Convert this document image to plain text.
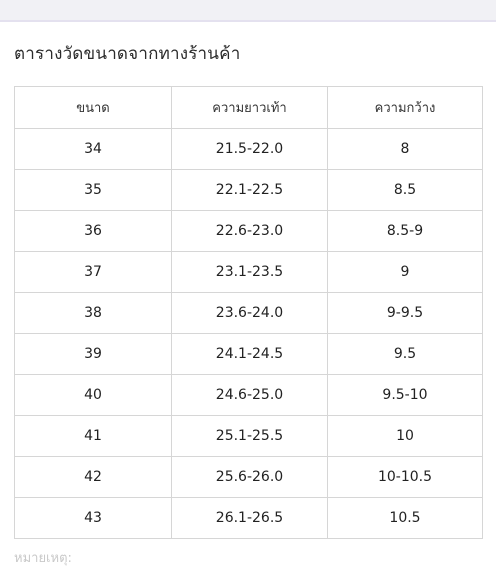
ตารางวัดขนาดจากทางร้านค้า
ขนาด	ความยาวเท้า	ความกว้าง
34	21.5-22.0	8
35	22.1-22.5	8.5
36	22.6-23.0	8.5-9
37	23.1-23.5	9
38	23.6-24.0	9-9.5
39	24.1-24.5	9.5
40	24.6-25.0	9.5-10
41	25.1-25.5	10
42	25.6-26.0	10-10.5
43	26.1-26.5	10.5
หมายเหตุ:
